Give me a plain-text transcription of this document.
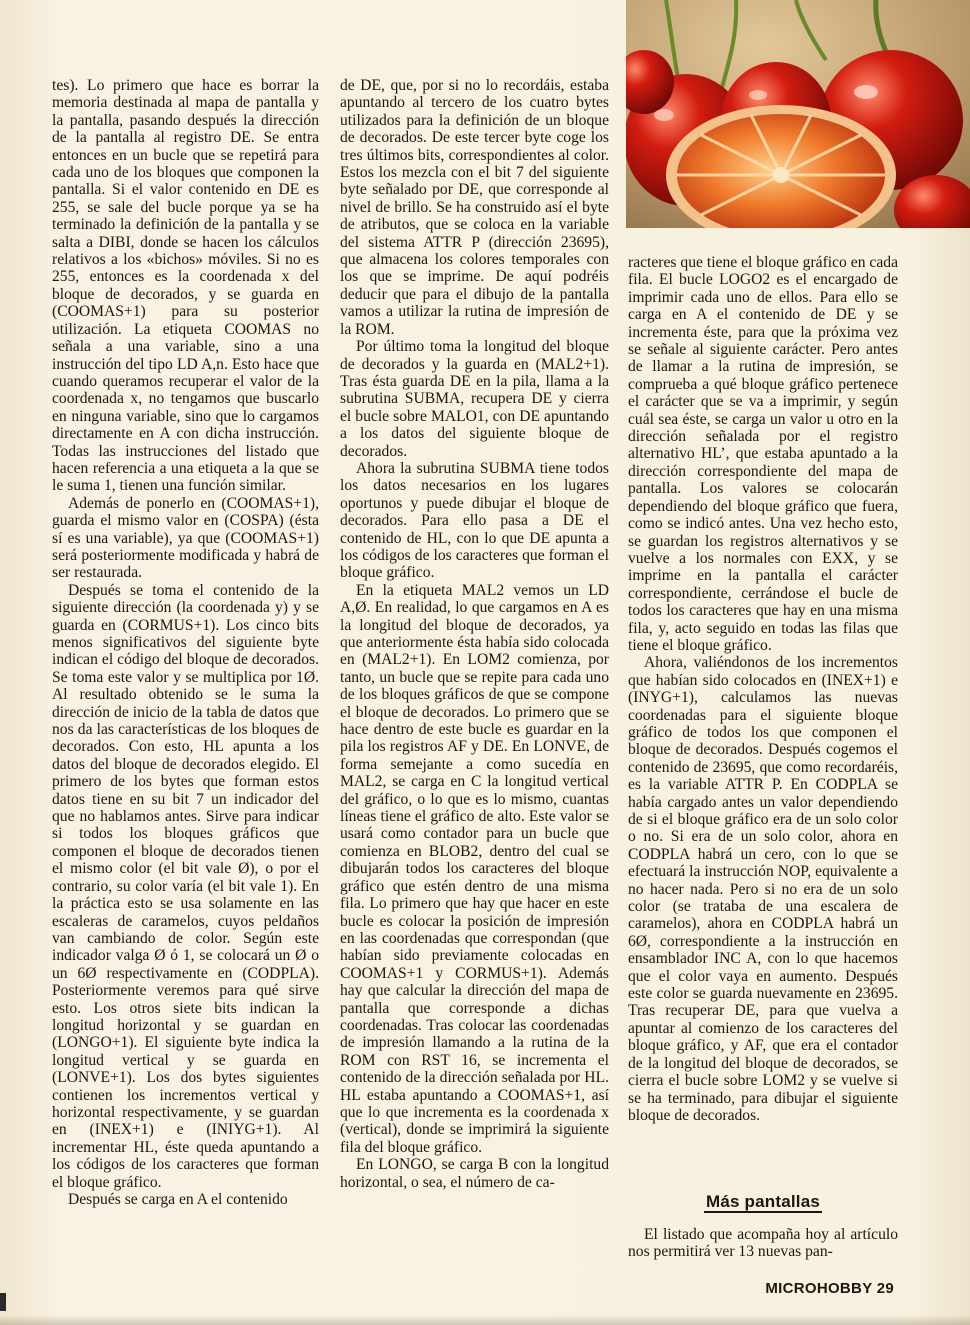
tes). Lo primero que hace es borrar la memoria destinada al mapa de pantalla y la pantalla, pasando después la dirección de la pantalla al registro DE. Se entra entonces en un bucle que se repetirá para cada uno de los bloques que componen la pantalla. Si el valor contenido en DE es 255, se sale del bucle porque ya se ha terminado la definición de la pantalla y se salta a DIBI, donde se hacen los cálculos relativos a los «bichos» móviles. Si no es 255, entonces es la coordenada x del bloque de decorados, y se guarda en (COOMAS+1) para su posterior utilización. La etiqueta COOMAS no señala a una variable, sino a una instrucción del tipo LD A,n. Esto hace que cuando queramos recuperar el valor de la coordenada x, no tengamos que buscarlo en ninguna variable, sino que lo cargamos directamente en A con dicha instrucción. Todas las instrucciones del listado que hacen referencia a una etiqueta a la que se le suma 1, tienen una función similar.

Además de ponerlo en (COOMAS+1), guarda el mismo valor en (COSPA) (ésta sí es una variable), ya que (COOMAS+1) será posteriormente modificada y habrá de ser restaurada.

Después se toma el contenido de la siguiente dirección (la coordenada y) y se guarda en (CORMUS+1). Los cinco bits menos significativos del siguiente byte indican el código del bloque de decorados. Se toma este valor y se multiplica por 1Ø. Al resultado obtenido se le suma la dirección de inicio de la tabla de datos que nos da las características de los bloques de decorados. Con esto, HL apunta a los datos del bloque de decorados elegido. El primero de los bytes que forman estos datos tiene en su bit 7 un indicador del que no hablamos antes. Sirve para indicar si todos los bloques gráficos que componen el bloque de decorados tienen el mismo color (el bit vale Ø), o por el contrario, su color varía (el bit vale 1). En la práctica esto se usa solamente en las escaleras de caramelos, cuyos peldaños van cambiando de color. Según este indicador valga Ø ó 1, se colocará un Ø o un 6Ø respectivamente en (CODPLA). Posteriormente veremos para qué sirve esto. Los otros siete bits indican la longitud horizontal y se guardan en (LONGO+1). El siguiente byte indica la longitud vertical y se guarda en (LONVE+1). Los dos bytes siguientes contienen los incrementos vertical y horizontal respectivamente, y se guardan en (INEX+1) e (INIYG+1). Al incrementar HL, éste queda apuntando a los códigos de los caracteres que forman el bloque gráfico.

Después se carga en A el contenido

de DE, que, por si no lo recordáis, estaba apuntando al tercero de los cuatro bytes utilizados para la definición de un bloque de decorados. De este tercer byte coge los tres últimos bits, correspondientes al color. Estos los mezcla con el bit 7 del siguiente byte señalado por DE, que corresponde al nivel de brillo. Se ha construido así el byte de atributos, que se coloca en la variable del sistema ATTR P (dirección 23695), que almacena los colores temporales con los que se imprime. De aquí podréis deducir que para el dibujo de la pantalla vamos a utilizar la rutina de impresión de la ROM.

Por último toma la longitud del bloque de decorados y la guarda en (MAL2+1). Tras ésta guarda DE en la pila, llama a la subrutina SUBMA, recupera DE y cierra el bucle sobre MALO1, con DE apuntando a los datos del siguiente bloque de decorados.

Ahora la subrutina SUBMA tiene todos los datos necesarios en los lugares oportunos y puede dibujar el bloque de decorados. Para ello pasa a DE el contenido de HL, con lo que DE apunta a los códigos de los caracteres que forman el bloque gráfico.

En la etiqueta MAL2 vemos un LD A,Ø. En realidad, lo que cargamos en A es la longitud del bloque de decorados, ya que anteriormente ésta había sido colocada en (MAL2+1). En LOM2 comienza, por tanto, un bucle que se repite para cada uno de los bloques gráficos de que se compone el bloque de decorados. Lo primero que se hace dentro de este bucle es guardar en la pila los registros AF y DE. En LONVE, de forma semejante a como sucedía en MAL2, se carga en C la longitud vertical del gráfico, o lo que es lo mismo, cuantas líneas tiene el gráfico de alto. Este valor se usará como contador para un bucle que comienza en BLOB2, dentro del cual se dibujarán todos los caracteres del bloque gráfico que estén dentro de una misma fila. Lo primero que hay que hacer en este bucle es colocar la posición de impresión en las coordenadas que correspondan (que habían sido previamente colocadas en COOMAS+1 y CORMUS+1). Además hay que calcular la dirección del mapa de pantalla que corresponde a dichas coordenadas. Tras colocar las coordenadas de impresión llamando a la rutina de la ROM con RST 16, se incrementa el contenido de la dirección señalada por HL. HL estaba apuntando a COOMAS+1, así que lo que incrementa es la coordenada x (vertical), donde se imprimirá la siguiente fila del bloque gráfico.

En LONGO, se carga B con la longitud horizontal, o sea, el número de ca-

racteres que tiene el bloque gráfico en cada fila. El bucle LOGO2 es el encargado de imprimir cada uno de ellos. Para ello se carga en A el contenido de DE y se incrementa éste, para que la próxima vez se señale al siguiente carácter. Pero antes de llamar a la rutina de impresión, se comprueba a qué bloque gráfico pertenece el carácter que se va a imprimir, y según cuál sea éste, se carga un valor u otro en la dirección señalada por el registro alternativo HL’, que estaba apuntado a la dirección correspondiente del mapa de pantalla. Los valores se colocarán dependiendo del bloque gráfico que fuera, como se indicó antes. Una vez hecho esto, se guardan los registros alternativos y se vuelve a los normales con EXX, y se imprime en la pantalla el carácter correspondiente, cerrándose el bucle de todos los caracteres que hay en una misma fila, y, acto seguido en todas las filas que tiene el bloque gráfico.

Ahora, valiéndonos de los incrementos que habían sido colocados en (INEX+1) e (INYG+1), calculamos las nuevas coordenadas para el siguiente bloque gráfico de todos los que componen el bloque de decorados. Después cogemos el contenido de 23695, que como recordaréis, es la variable ATTR P. En CODPLA se había cargado antes un valor dependiendo de si el bloque gráfico era de un solo color o no. Si era de un solo color, ahora en CODPLA habrá un cero, con lo que se efectuará la instrucción NOP, equivalente a no hacer nada. Pero si no era de un solo color (se trataba de una escalera de caramelos), ahora en CODPLA habrá un 6Ø, correspondiente a la instrucción en ensamblador INC A, con lo que hacemos que el color vaya en aumento. Después este color se guarda nuevamente en 23695. Tras recuperar DE, para que vuelva a apuntar al comienzo de los caracteres del bloque gráfico, y AF, que era el contador de la longitud del bloque de decorados, se cierra el bucle sobre LOM2 y se vuelve si se ha terminado, para dibujar el siguiente bloque de decorados.

Más pantallas

El listado que acompaña hoy al artículo nos permitirá ver 13 nuevas pan-

MICROHOBBY 29
